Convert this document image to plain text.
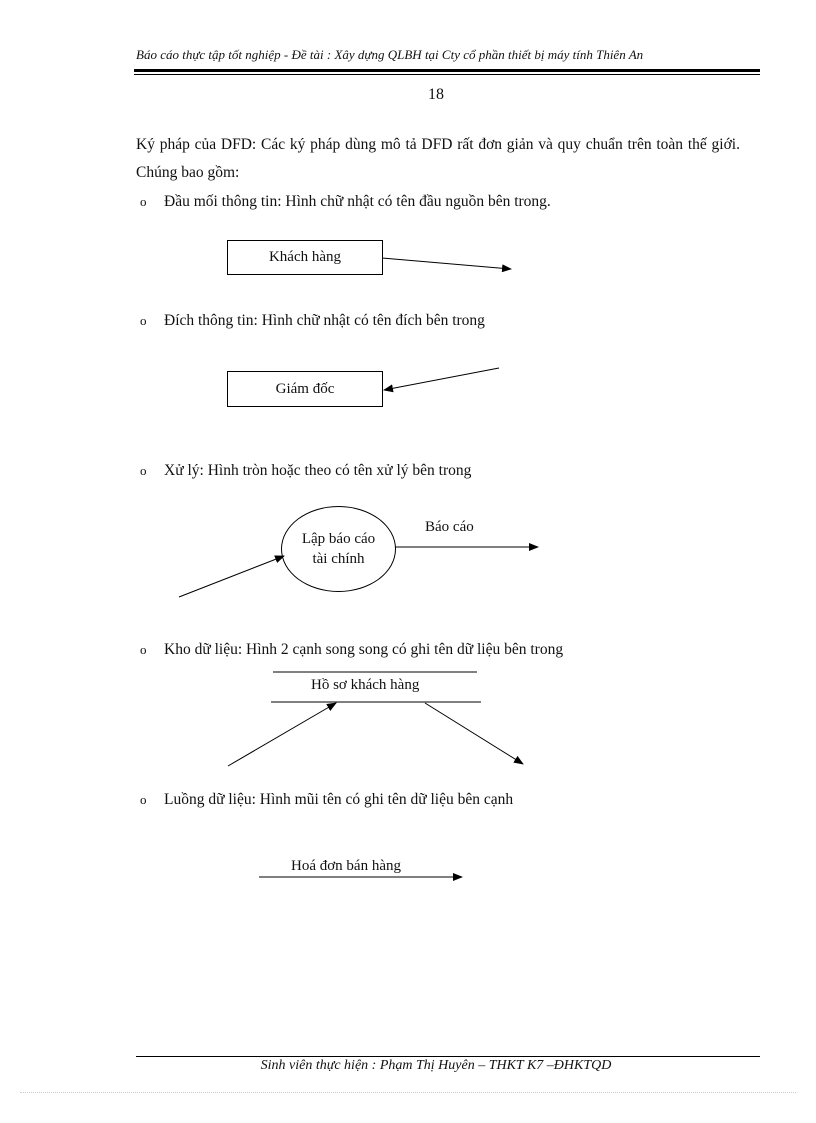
Báo cáo thực tập tốt nghiệp - Đề tài : Xây dựng QLBH tại Cty cổ phần thiết bị máy tính Thiên An
18
Ký pháp của DFD: Các ký pháp dùng mô tả DFD rất đơn giản và quy chuẩn trên toàn thế giới. Chúng bao gồm:
o Đầu mối thông tin: Hình chữ nhật có tên đầu nguồn bên trong.
o Đích thông tin: Hình chữ nhật có tên đích bên trong
o Xử lý: Hình tròn hoặc theo có tên xử lý bên trong
o Kho dữ liệu: Hình 2 cạnh song song có ghi tên dữ liệu bên trong
o Luồng dữ liệu: Hình mũi tên có ghi tên dữ liệu bên cạnh
Khách hàng
Giám đốc
Lập báo cáo
tài chính
Báo cáo
Hồ sơ khách hàng
Hoá đơn bán hàng
Sinh viên thực hiện : Phạm Thị Huyên – THKT K7 –ĐHKTQD
